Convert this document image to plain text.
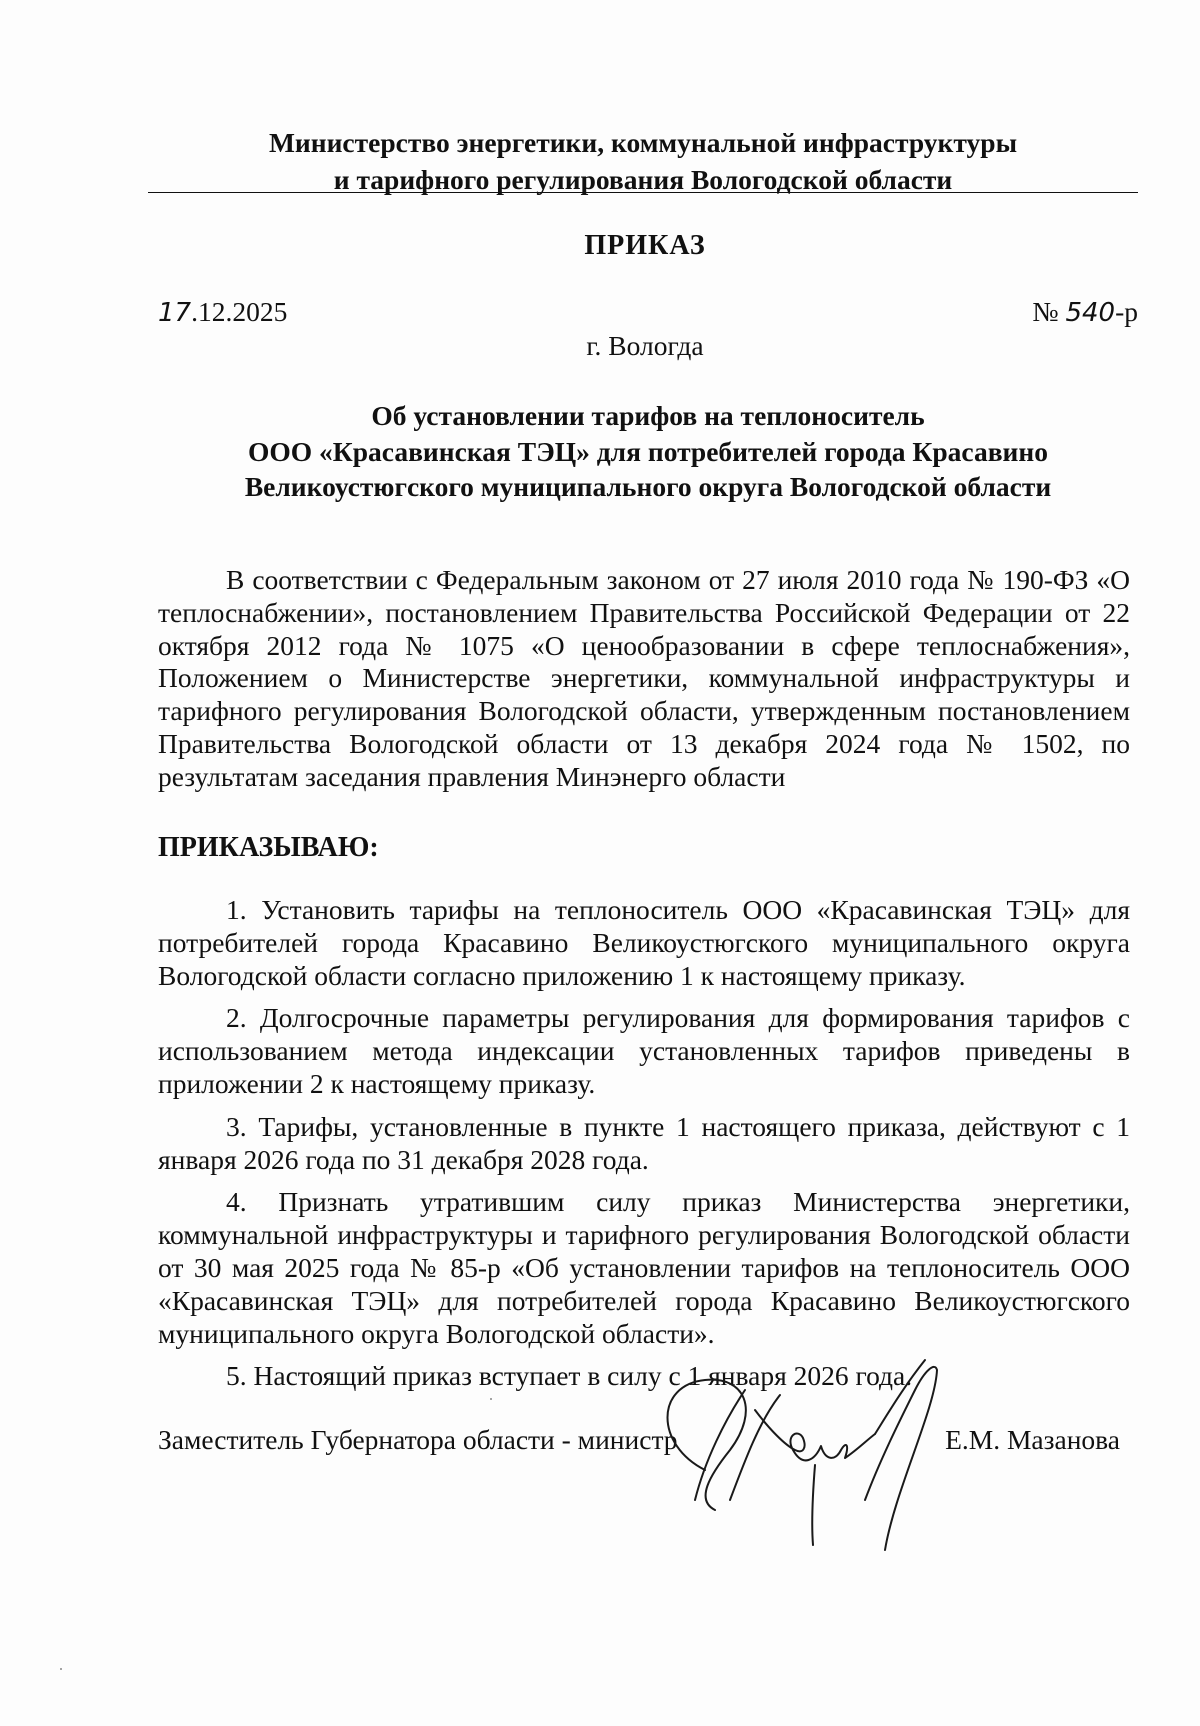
Министерство энергетики, коммунальной инфраструктуры
и тарифного регулирования Вологодской области
ПРИКАЗ
17.12.2025	№ 540-р
г. Вологда
Об установлении тарифов на теплоноситель
ООО «Красавинская ТЭЦ» для потребителей города Красавино
Великоустюгского муниципального округа Вологодской области
В соответствии с Федеральным законом от 27 июля 2010 года № 190-ФЗ «О теплоснабжении», постановлением Правительства Российской Федерации от 22 октября 2012 года № 1075 «О ценообразовании в сфере теплоснабжения», Положением о Министерстве энергетики, коммунальной инфраструктуры и тарифного регулирования Вологодской области, утвержденным постановлением Правительства Вологодской области от 13 декабря 2024 года № 1502, по результатам заседания правления Минэнерго области
ПРИКАЗЫВАЮ:

1. Установить тарифы на теплоноситель ООО «Красавинская ТЭЦ» для потребителей города Красавино Великоустюгского муниципального округа Вологодской области согласно приложению 1 к настоящему приказу.

2. Долгосрочные параметры регулирования для формирования тарифов с использованием метода индексации установленных тарифов приведены в приложении 2 к настоящему приказу.

3. Тарифы, установленные в пункте 1 настоящего приказа, действуют с 1 января 2026 года по 31 декабря 2028 года.

4. Признать утратившим силу приказ Министерства энергетики, коммунальной инфраструктуры и тарифного регулирования Вологодской области от 30 мая 2025 года № 85-р «Об установлении тарифов на теплоноситель ООО «Красавинская ТЭЦ» для потребителей города Красавино Великоустюгского муниципального округа Вологодской области».

5. Настоящий приказ вступает в силу с 1 января 2026 года.

Заместитель Губернатора области - министр	Е.М. Мазанова
